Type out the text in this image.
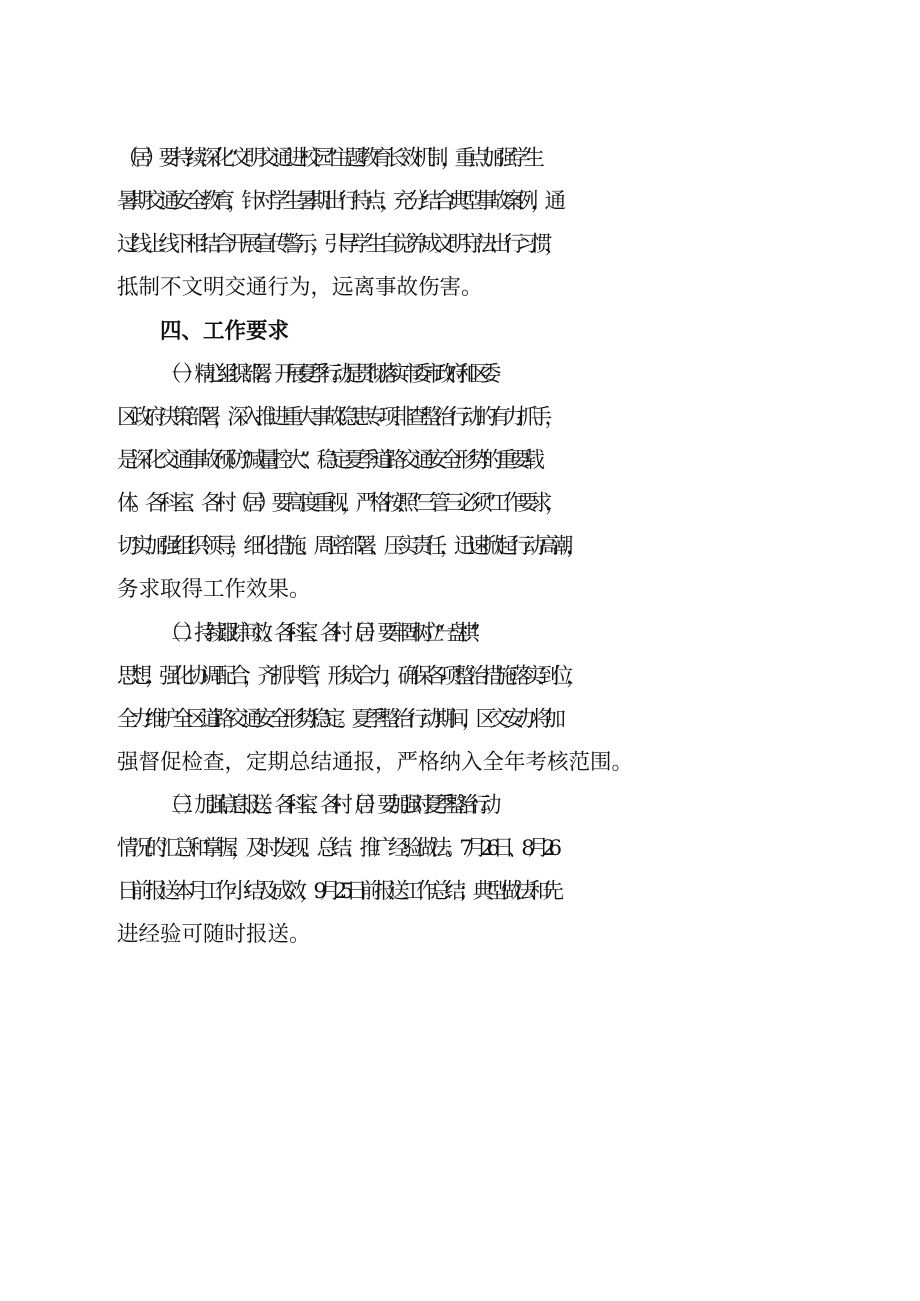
（居）要持续深化“文明交通进校园”主题教育长效机制，重点加强学生
暑期交通安全教育，针对学生暑期出行特点，充分结合典型事故案例，通
过线上线下相结合开展宣传警示，引导学生自觉养成文明守法出行习惯，
抵制不文明交通行为，远离事故伤害。
四、工作要求
（一）精心组织部署。开展夏季行动是贯彻落实市委市政府和区委
区政府决策部署，深入推进重大事故隐患专项排查整治行动的有力抓手，
是深化交通事故预防“减量控大”、稳定夏季道路交通安全形势的重要载
体。各科室、各村（居）要高度重视，严格按照“三管三必须”工作要求，
切实加强组织领导，细化措施、周密部署、压实责任，迅速掀起行动高潮，
务求取得工作效果。
（二）持续跟踪问效。各科室、各村（居）要牢固树立“一盘棋”
思想，强化协调配合，齐抓共管，形成合力，确保各项整治措施落实到位，
全力维护全区道路交通安全形势稳定。夏季整治行动期间，区交安办将加
强督促检查，定期总结通报，严格纳入全年考核范围。
（三）加强信息报送。各科室、各村（居）要加强对夏季整治行动
情况的汇总和掌握，及时发现、总结、推广经验做法。7月26日、8月26
日前报送本月工作小结及成效，9月25日前报送工作总结；典型做法和先
进经验可随时报送。
